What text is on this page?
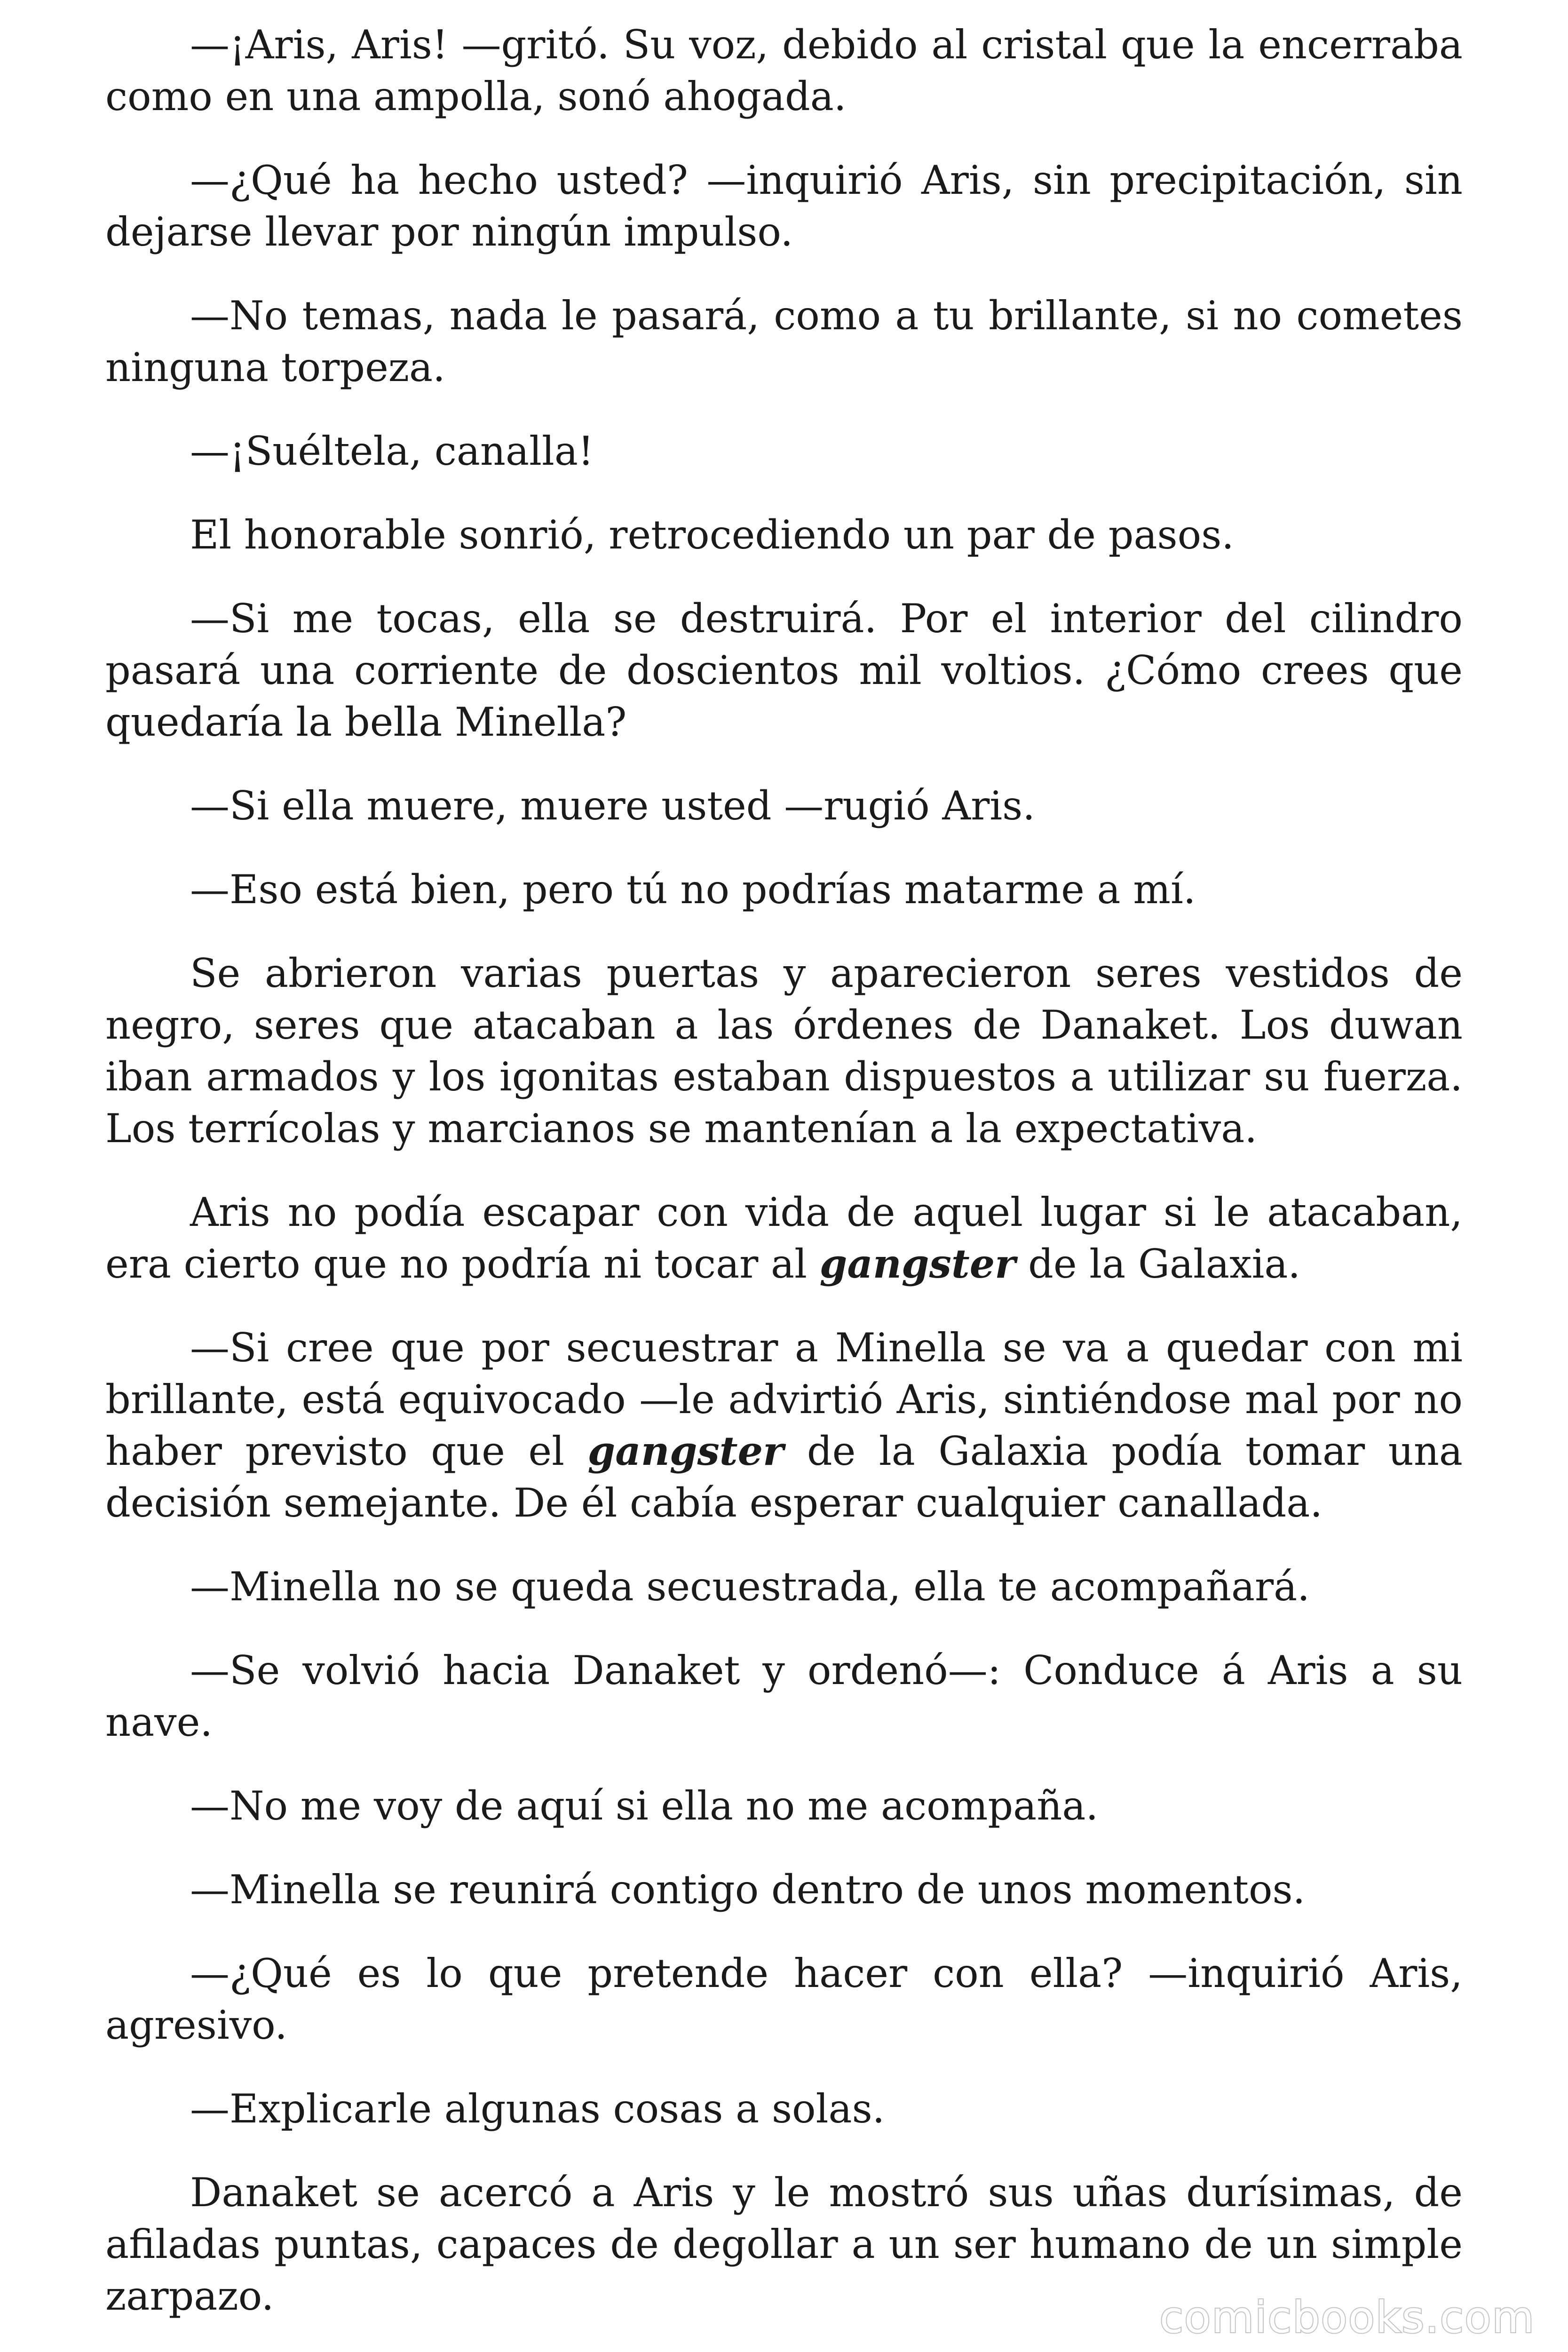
—¡Aris, Aris! —gritó. Su voz, debido al cristal que la encerraba como en una ampolla, sonó ahogada.

—¿Qué ha hecho usted? —inquirió Aris, sin precipitación, sin dejarse llevar por ningún impulso.

—No temas, nada le pasará, como a tu brillante, si no cometes ninguna torpeza.

—¡Suéltela, canalla!

El honorable sonrió, retrocediendo un par de pasos.

—Si me tocas, ella se destruirá. Por el interior del cilindro pasará una corriente de doscientos mil voltios. ¿Cómo crees que quedaría la bella Minella?

—Si ella muere, muere usted —rugió Aris.

—Eso está bien, pero tú no podrías matarme a mí.

Se abrieron varias puertas y aparecieron seres vestidos de negro, seres que atacaban a las órdenes de Danaket. Los duwan iban armados y los igonitas estaban dispuestos a utilizar su fuerza. Los terrícolas y marcianos se mantenían a la expectativa.

Aris no podía escapar con vida de aquel lugar si le atacaban, era cierto que no podría ni tocar al gangster de la Galaxia.

—Si cree que por secuestrar a Minella se va a quedar con mi brillante, está equivocado —le advirtió Aris, sintiéndose mal por no haber previsto que el gangster de la Galaxia podía tomar una decisión semejante. De él cabía esperar cualquier canallada.

—Minella no se queda secuestrada, ella te acompañará.

—Se volvió hacia Danaket y ordenó—: Conduce á Aris a su nave.

—No me voy de aquí si ella no me acompaña.

—Minella se reunirá contigo dentro de unos momentos.

—¿Qué es lo que pretende hacer con ella? —inquirió Aris, agresivo.

—Explicarle algunas cosas a solas.

Danaket se acercó a Aris y le mostró sus uñas durísimas, de afiladas puntas, capaces de degollar a un ser humano de un simple zarpazo.	comicbooks.com
